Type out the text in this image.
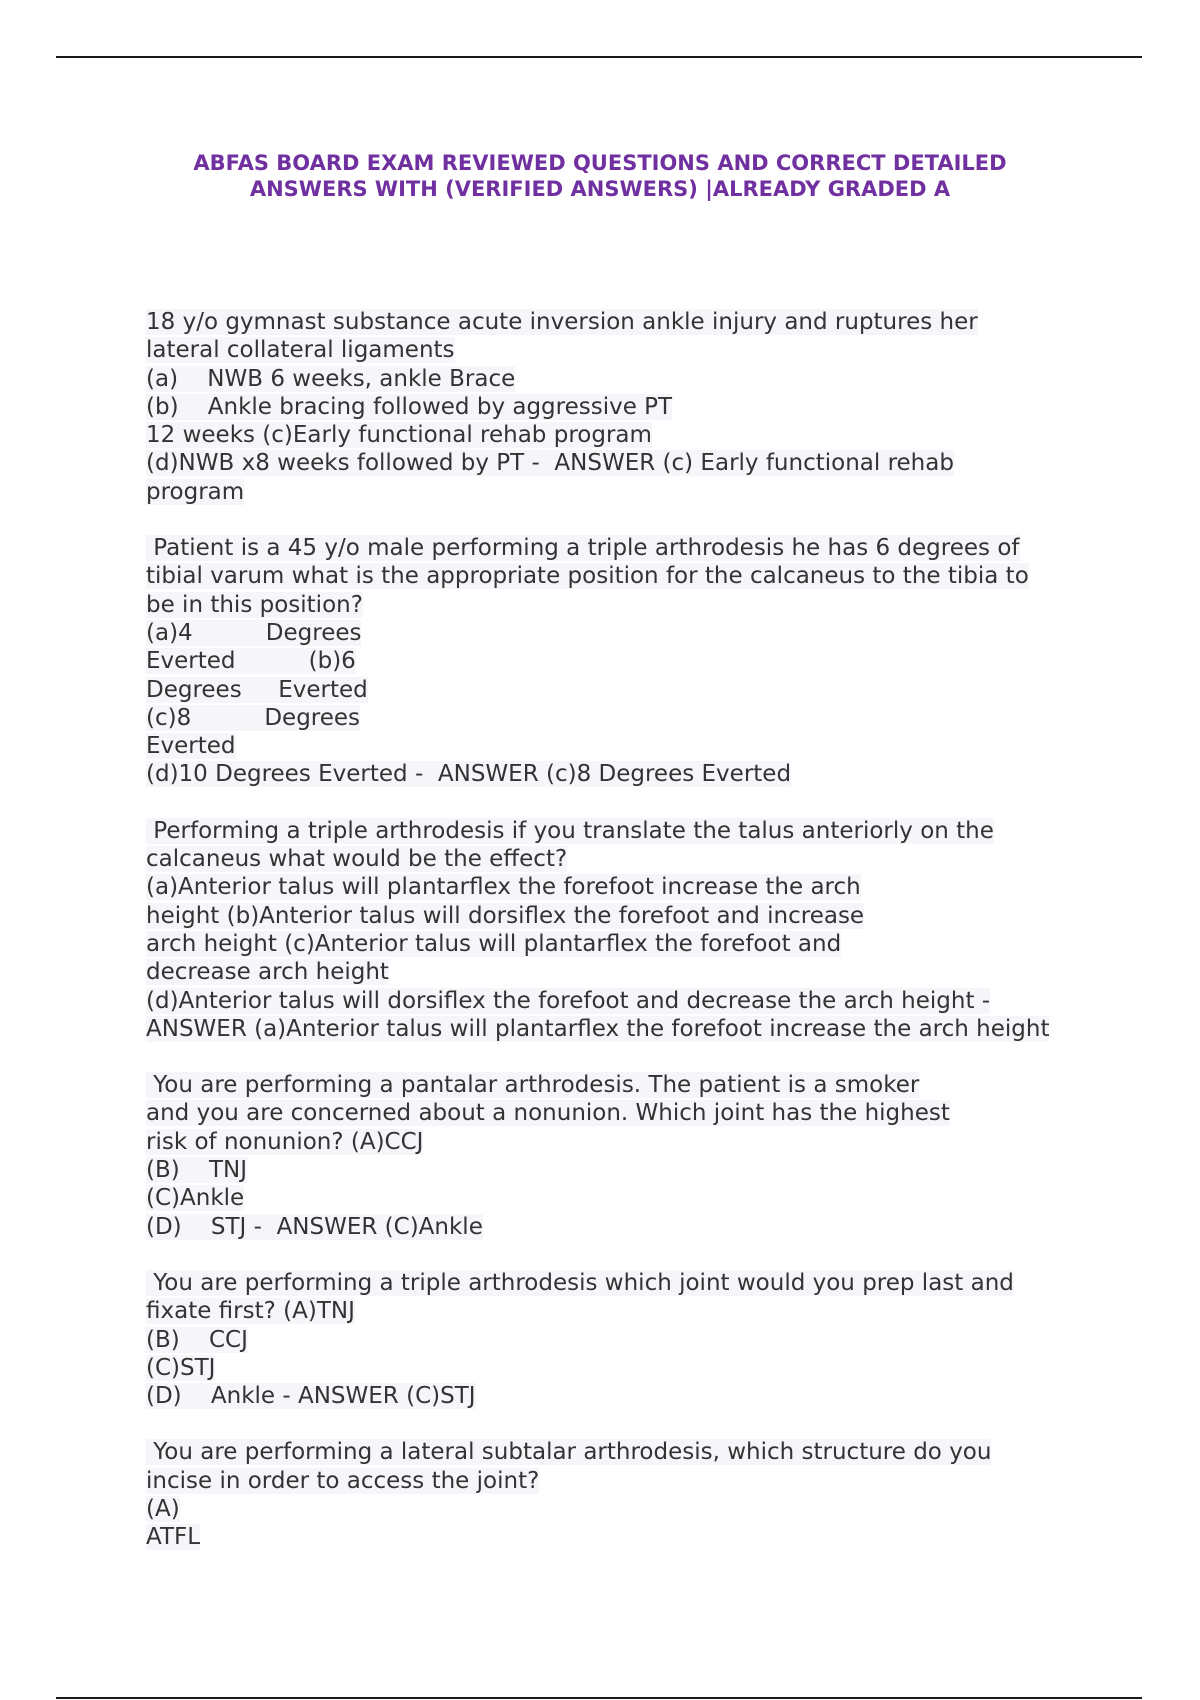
ABFAS BOARD EXAM REVIEWED QUESTIONS AND CORRECT DETAILED
ANSWERS WITH (VERIFIED ANSWERS) |ALREADY GRADED A
18 y/o gymnast substance acute inversion ankle injury and ruptures her
lateral collateral ligaments
(a)    NWB 6 weeks, ankle Brace
(b)    Ankle bracing followed by aggressive PT
12 weeks (c)Early functional rehab program
(d)NWB x8 weeks followed by PT -  ANSWER (c) Early functional rehab
program
Patient is a 45 y/o male performing a triple arthrodesis he has 6 degrees of
tibial varum what is the appropriate position for the calcaneus to the tibia to
be in this position?
(a)4          Degrees
Everted          (b)6
Degrees     Everted
(c)8          Degrees
Everted
(d)10 Degrees Everted -  ANSWER (c)8 Degrees Everted
Performing a triple arthrodesis if you translate the talus anteriorly on the
calcaneus what would be the effect?
(a)Anterior talus will plantarflex the forefoot increase the arch
height (b)Anterior talus will dorsiflex the forefoot and increase
arch height (c)Anterior talus will plantarflex the forefoot and
decrease arch height
(d)Anterior talus will dorsiflex the forefoot and decrease the arch height -
ANSWER (a)Anterior talus will plantarflex the forefoot increase the arch height
You are performing a pantalar arthrodesis. The patient is a smoker
and you are concerned about a nonunion. Which joint has the highest
risk of nonunion? (A)CCJ
(B)    TNJ
(C)Ankle
(D)    STJ -  ANSWER (C)Ankle
You are performing a triple arthrodesis which joint would you prep last and
fixate first? (A)TNJ
(B)    CCJ
(C)STJ
(D)    Ankle - ANSWER (C)STJ
You are performing a lateral subtalar arthrodesis, which structure do you
incise in order to access the joint?
(A)
ATFL
